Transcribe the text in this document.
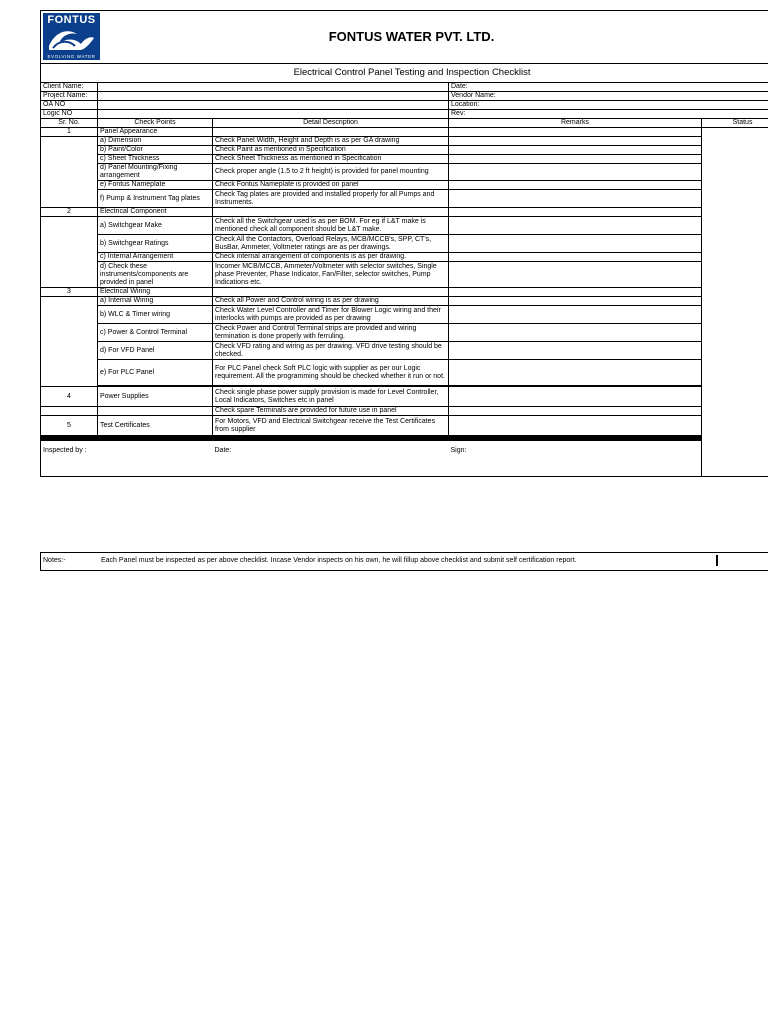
FONTUS
EVOLVING WATER
FONTUS WATER PVT. LTD.
Electrical Control Panel Testing and Inspection Checklist				
Client Name:			Date:	
Project Name:			Vendor Name:	
OA NO			Location:	
Logic NO			Rev:	
Sr. No.	Check Points	Detail Description	Remarks	Status
1	Panel Appearance			
	a) Dimension	Check Panel Width, Height and Depth is as per GA drawing		
	b) Paint/Color	Check Paint as mentioned in Specification		
	c) Sheet Thickness	Check Sheet Thickness as mentioned in Specification		
	d) Panel Mounting/Fixing arrangement	Check proper angle (1.5 to 2 ft height) is provided for panel mounting		
	e) Fontus Nameplate	Check Fontus Nameplate is provided on panel		
	f) Pump & Instrument Tag plates	Check Tag plates are provided and installed properly for all Pumps and Instruments.		
2	Electrical Component			
	a) Switchgear Make	Check all the Switchgear used is as per BOM. For eg if L&T make is mentioned check all component should be L&T make.		
	b) Switchgear Ratings	Check All the Contactors, Overload Relays, MCB/MCCB's, SPP, CT's, BusBar, Ammeter, Voltmeter ratings are as per drawings.		
	c) Internal Arrangement	Check internal arrangement of components is as per drawing.		
	d) Check these instruments/components are provided in panel	Incomer MCB/MCCB, Ammeter/Voltmeter with selector switches, Single phase Preventer, Phase Indicator, Fan/Filter, selector switches, Pump Indications etc.		
3	Electrical Wiring			
	a) Internal Wiring	Check all Power and Control wiring is as per drawing		
	b) WLC & Timer wiring	Check Water Level Controller and Timer for Blower Logic wiring and their interlocks with pumps are provided as per drawing		
	c) Power & Control Terminal	Check Power and Control Terminal strips are provided and wiring termination is done properly with ferruling.		
	d) For VFD Panel	Check VFD rating and wiring as per drawing. VFD drive testing should be checked.		
	e) For PLC Panel	For PLC Panel check Soft PLC logic with supplier as per our Logic requirement. All the programming should be checked whether it run or not.		

4	Power Supplies	Check single phase power supply provision is made for Level Controller, Local Indicators, Switches etc in panel		
		Check spare Terminals are provided for future use in panel		
5	Test Certificates	For Motors, VFD and Electrical Switchgear receive the Test Certificates from supplier		

Inspected by :		Date:	Sign:	
Notes:-	Each Panel must be inspected as per above checklist. Incase Vendor inspects on his own, he will fillup above checklist and submit self certification report.
